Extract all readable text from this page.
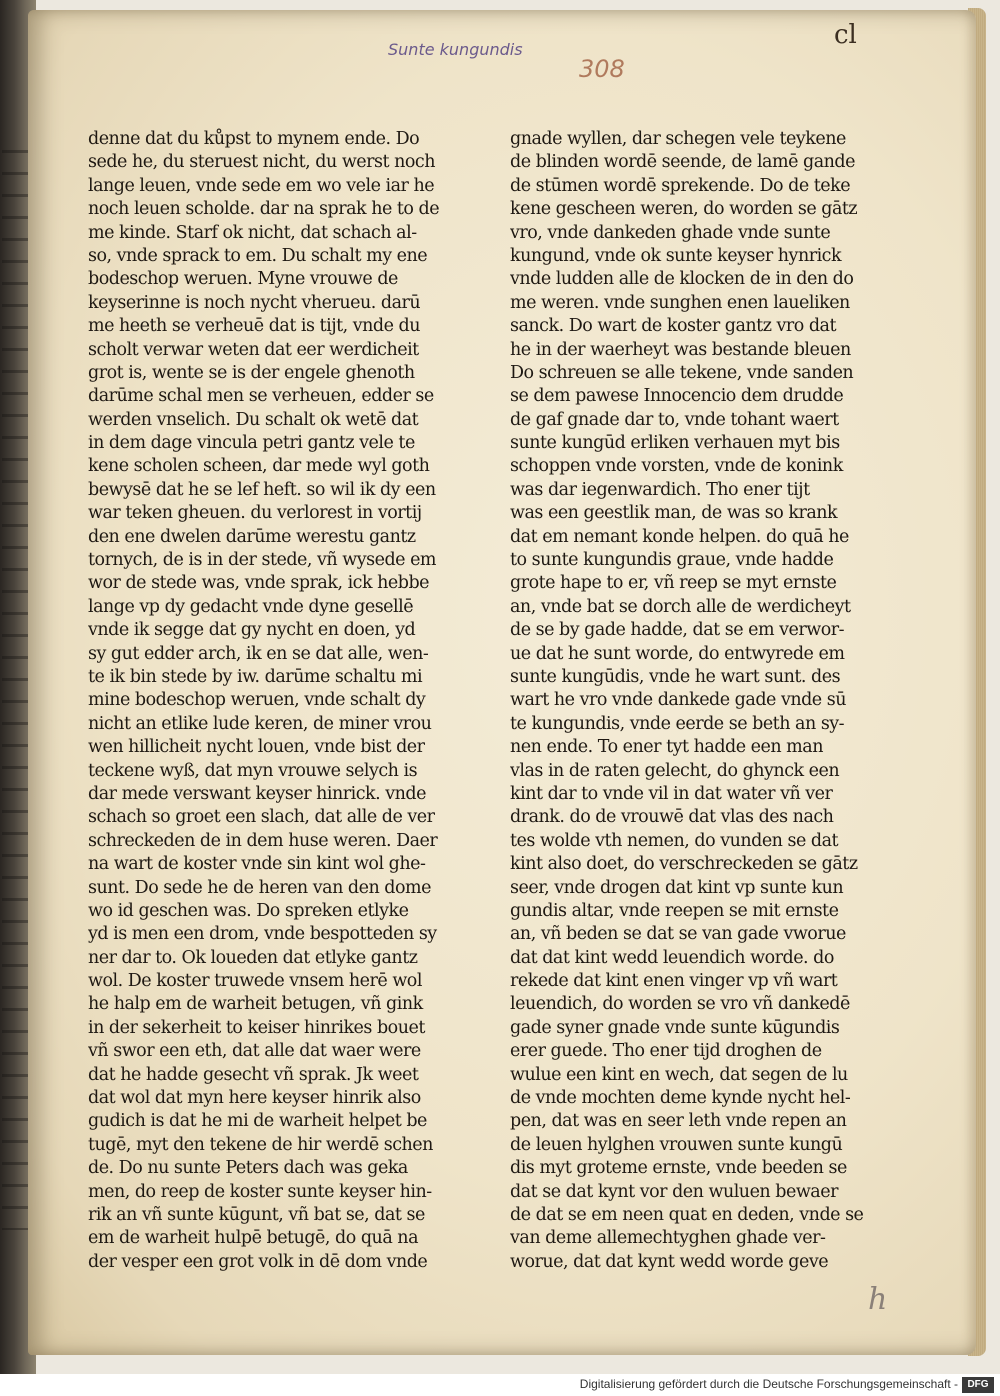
Sunte kungundis	cl
308
denne dat du kůpst to mynem ende. Do
sede he, du steruest nicht, du werst noch
lange leuen, vnde sede em wo vele iar he
noch leuen scholde. dar na sprak he to de
me kinde. Starf ok nicht, dat schach al-
so, vnde sprack to em. Du schalt my ene
bodeschop weruen. Myne vrouwe de
keyserinne is noch nycht vherueu. darū
me heeth se verheuē dat is tijt, vnde du
scholt verwar weten dat eer werdicheit
grot is, wente se is der engele ghenoth
darūme schal men se verheuen, edder se
werden vnselich. Du schalt ok wetē dat
in dem dage vincula petri gantz vele te
kene scholen scheen, dar mede wyl goth
bewysē dat he se lef heft. so wil ik dy een
war teken gheuen. du verlorest in vortij
den ene dwelen darūme werestu gantz
tornych, de is in der stede, vñ wysede em
wor de stede was, vnde sprak, ick hebbe
lange vp dy gedacht vnde dyne gesellē
vnde ik segge dat gy nycht en doen, yd
sy gut edder arch, ik en se dat alle, wen-
te ik bin stede by iw. darūme schaltu mi
mine bodeschop weruen, vnde schalt dy
nicht an etlike lude keren, de miner vrou
wen hillicheit nycht louen, vnde bist der
teckene wyß, dat myn vrouwe selych is
dar mede verswant keyser hinrick. vnde
schach so groet een slach, dat alle de ver
schreckeden de in dem huse weren. Daer
na wart de koster vnde sin kint wol ghe-
sunt. Do sede he de heren van den dome
wo id geschen was. Do spreken etlyke
yd is men een drom, vnde bespotteden sy
ner dar to. Ok loueden dat etlyke gantz
wol. De koster truwede vnsem herē wol
he halp em de warheit betugen, vñ gink
in der sekerheit to keiser hinrikes bouet
vñ swor een eth, dat alle dat waer were
dat he hadde gesecht vñ sprak. Jk weet
dat wol dat myn here keyser hinrik also
gudich is dat he mi de warheit helpet be
tugē, myt den tekene de hir werdē schen
de. Do nu sunte Peters dach was geka
men, do reep de koster sunte keyser hin-
rik an vñ sunte kūgunt, vñ bat se, dat se
em de warheit hulpē betugē, do quā na
der vesper een grot volk in dē dom vnde
gnade wyllen, dar schegen vele teykene
de blinden wordē seende, de lamē gande
de stūmen wordē sprekende. Do de teke
kene gescheen weren, do worden se gātz
vro, vnde dankeden ghade vnde sunte
kungund, vnde ok sunte keyser hynrick
vnde ludden alle de klocken de in den do
me weren. vnde sunghen enen laueliken
sanck. Do wart de koster gantz vro dat
he in der waerheyt was bestande bleuen
Do schreuen se alle tekene, vnde sanden
se dem pawese Innocencio dem drudde
de gaf gnade dar to, vnde tohant waert
sunte kungūd erliken verhauen myt bis
schoppen vnde vorsten, vnde de konink
was dar iegenwardich. Tho ener tijt
was een geestlik man, de was so krank
dat em nemant konde helpen. do quā he
to sunte kungundis graue, vnde hadde
grote hape to er, vñ reep se myt ernste
an, vnde bat se dorch alle de werdicheyt
de se by gade hadde, dat se em verwor-
ue dat he sunt worde, do entwyrede em
sunte kungūdis, vnde he wart sunt. des
wart he vro vnde dankede gade vnde sū
te kungundis, vnde eerde se beth an sy-
nen ende. To ener tyt hadde een man
vlas in de raten gelecht, do ghynck een
kint dar to vnde vil in dat water vñ ver
drank. do de vrouwē dat vlas des nach
tes wolde vth nemen, do vunden se dat
kint also doet, do verschreckeden se gātz
seer, vnde drogen dat kint vp sunte kun
gundis altar, vnde reepen se mit ernste
an, vñ beden se dat se van gade vworue
dat dat kint wedd leuendich worde. do
rekede dat kint enen vinger vp vñ wart
leuendich, do worden se vro vñ dankedē
gade syner gnade vnde sunte kūgundis
erer guede. Tho ener tijd droghen de
wulue een kint en wech, dat segen de lu
de vnde mochten deme kynde nycht hel-
pen, dat was en seer leth vnde repen an
de leuen hylghen vrouwen sunte kungū
dis myt groteme ernste, vnde beeden se
dat se dat kynt vor den wuluen bewaer
de dat se em neen quat en deden, vnde se
van deme allemechtyghen ghade ver-
worue, dat dat kynt wedd worde geve
h
Digitalisierung gefördert durch die Deutsche Forschungsgemeinschaft - DFG
